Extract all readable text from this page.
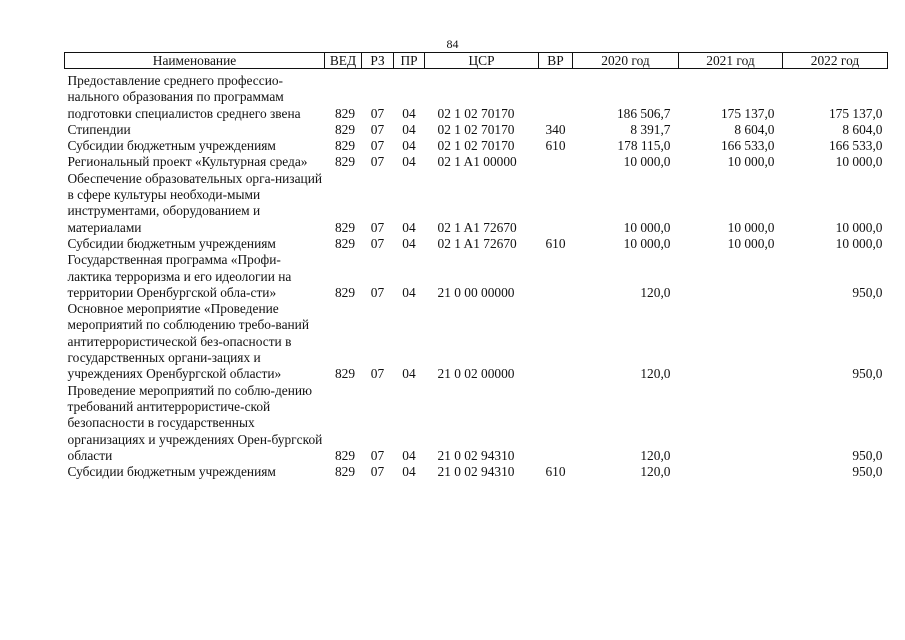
84
Наименование	ВЕД	РЗ	ПР	ЦСР	ВР	2020 год	2021 год	2022 год
Предоставление среднего профессио-нального образования по программам подготовки специалистов среднего звена	829	07	04	02 1 02 70170		186 506,7	175 137,0	175 137,0
Стипендии	829	07	04	02 1 02 70170	340	8 391,7	8 604,0	8 604,0
Субсидии бюджетным учреждениям	829	07	04	02 1 02 70170	610	178 115,0	166 533,0	166 533,0
Региональный проект «Культурная среда»	829	07	04	02 1 A1 00000		10 000,0	10 000,0	10 000,0
Обеспечение образовательных орга-низаций в сфере культуры необходи-мыми инструментами, оборудованием и материалами	829	07	04	02 1 A1 72670		10 000,0	10 000,0	10 000,0
Субсидии бюджетным учреждениям	829	07	04	02 1 A1 72670	610	10 000,0	10 000,0	10 000,0
Государственная программа «Профи-лактика терроризма и его идеологии на территории Оренбургской обла-сти»	829	07	04	21 0 00 00000		120,0		950,0
Основное мероприятие «Проведение мероприятий по соблюдению требо-ваний антитеррористической без-опасности в государственных органи-зациях и учреждениях Оренбургской области»	829	07	04	21 0 02 00000		120,0		950,0
Проведение мероприятий по соблю-дению требований антитеррористиче-ской безопасности в государственных организациях и учреждениях Орен-бургской области	829	07	04	21 0 02 94310		120,0		950,0
Субсидии бюджетным учреждениям	829	07	04	21 0 02 94310	610	120,0		950,0
